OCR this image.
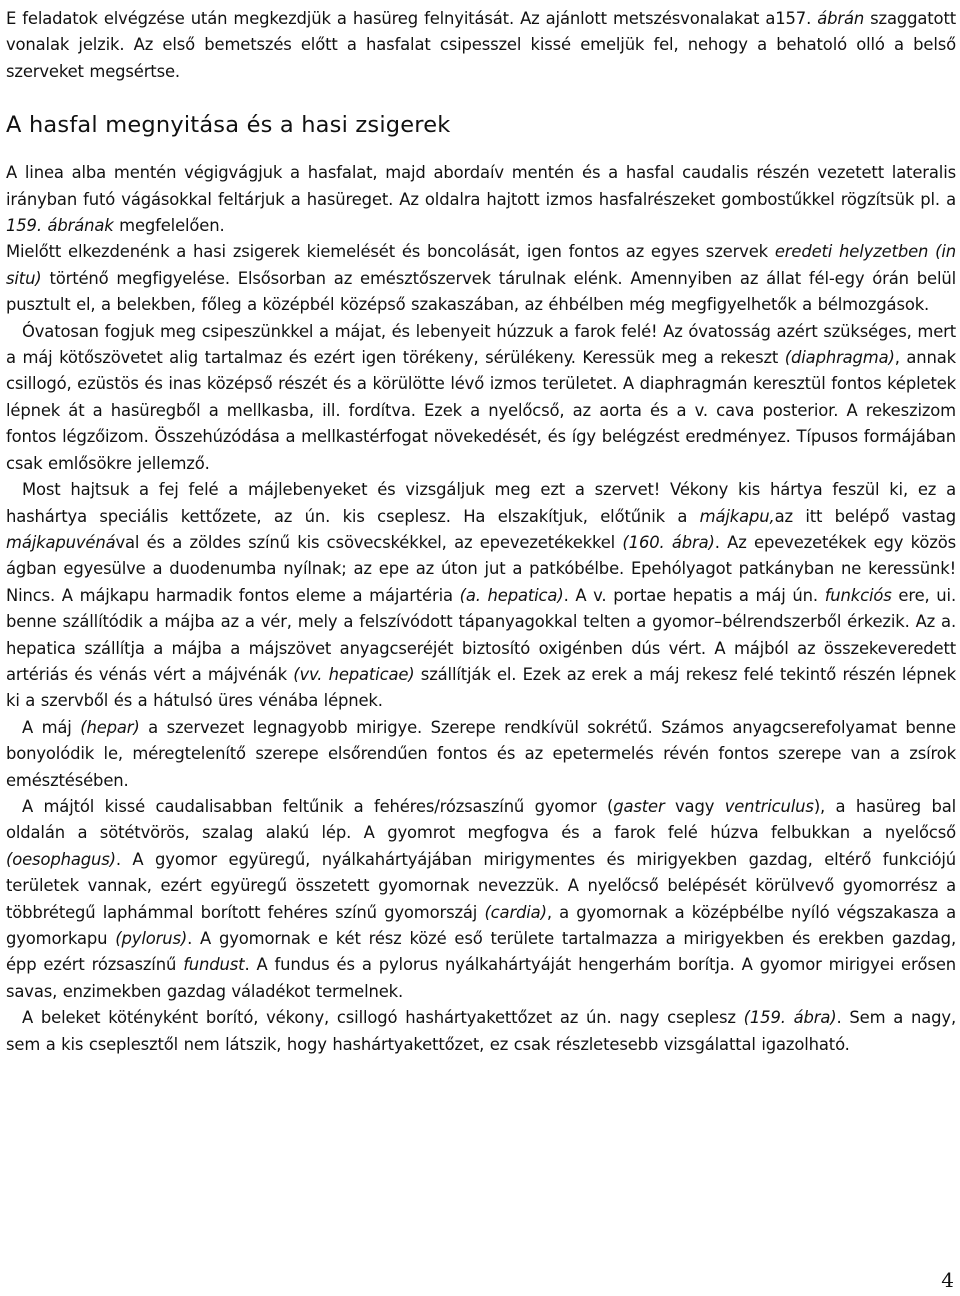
E feladatok elvégzése után megkezdjük a hasüreg felnyitását. Az ajánlott metszésvonalakat a157. ábrán szaggatott vonalak jelzik. Az első bemetszés előtt a hasfalat csipesszel kissé emeljük fel, nehogy a behatoló olló a belső szerveket megsértse.

A hasfal megnyitása és a hasi zsigerek

A linea alba mentén végigvágjuk a hasfalat, majd abordaív mentén és a hasfal caudalis részén vezetett lateralis irányban futó vágásokkal feltárjuk a hasüreget. Az oldalra hajtott izmos hasfalrészeket gombostűkkel rögzítsük pl. a 159. ábrának megfelelően.

Mielőtt elkezdenénk a hasi zsigerek kiemelését és boncolását, igen fontos az egyes szervek eredeti helyzetben (in situ) történő megfigyelése. Elsősorban az emésztőszervek tárulnak elénk. Amennyiben az állat fél-egy órán belül pusztult el, a belekben, főleg a középbél középső szakaszában, az éhbélben még megfigyelhetők a bélmozgások.

Óvatosan fogjuk meg csipeszünkkel a májat, és lebenyeit húzzuk a farok felé! Az óvatosság azért szükséges, mert a máj kötőszövetet alig tartalmaz és ezért igen törékeny, sérülékeny. Keressük meg a rekeszt (diaphragma), annak csillogó, ezüstös és inas középső részét és a körülötte lévő izmos területet. A diaphragmán keresztül fontos képletek lépnek át a hasüregből a mellkasba, ill. fordítva. Ezek a nyelőcső, az aorta és a v. cava posterior. A rekeszizom fontos légzőizom. Összehúzódása a mellkastérfogat növekedését, és így belégzést eredményez. Típusos formájában csak emlősökre jellemző.

Most hajtsuk a fej felé a májlebenyeket és vizsgáljuk meg ezt a szervet! Vékony kis hártya feszül ki, ez a hashártya speciális kettőzete, az ún. kis cseplesz. Ha elszakítjuk, előtűnik a májkapu,az itt belépő vastag májkapuvénával és a zöldes színű kis csövecskékkel, az epevezetékekkel (160. ábra). Az epevezetékek egy közös ágban egyesülve a duodenumba nyílnak; az epe az úton jut a patkóbélbe. Epehólyagot patkányban ne keressünk! Nincs. A májkapu harmadik fontos eleme a májartéria (a. hepatica). A v. portae hepatis a máj ún. funkciós ere, ui. benne szállítódik a májba az a vér, mely a felszívódott tápanyagokkal telten a gyomor–bélrendszerből érkezik. Az a. hepatica szállítja a májba a májszövet anyagcseréjét biztosító oxigénben dús vért. A májból az összekeveredett artériás és vénás vért a májvénák (vv. hepaticae) szállítják el. Ezek az erek a máj rekesz felé tekintő részén lépnek ki a szervből és a hátulsó üres vénába lépnek.

A máj (hepar) a szervezet legnagyobb mirigye. Szerepe rendkívül sokrétű. Számos anyagcserefolyamat benne bonyolódik le, méregtelenítő szerepe elsőrendűen fontos és az epetermelés révén fontos szerepe van a zsírok emésztésében.

A májtól kissé caudalisabban feltűnik a fehéres/rózsaszínű gyomor (gaster vagy ventriculus), a hasüreg bal oldalán a sötétvörös, szalag alakú lép. A gyomrot megfogva és a farok felé húzva felbukkan a nyelőcső (oesophagus). A gyomor együregű, nyálkahártyájában mirigymentes és mirigyekben gazdag, eltérő funkciójú területek vannak, ezért együregű összetett gyomornak nevezzük. A nyelőcső belépését körülvevő gyomorrész a többrétegű laphámmal borított fehéres színű gyomorszáj (cardia), a gyomornak a középbélbe nyíló végszakasza a gyomorkapu (pylorus). A gyomornak e két rész közé eső területe tartalmazza a mirigyekben és erekben gazdag, épp ezért rózsaszínű fundust. A fundus és a pylorus nyálkahártyáját hengerhám borítja. A gyomor mirigyei erősen savas, enzimekben gazdag váladékot termelnek.

A beleket kötényként borító, vékony, csillogó hashártyakettőzet az ún. nagy cseplesz (159. ábra). Sem a nagy, sem a kis cseplesztől nem látszik, hogy hashártyakettőzet, ez csak részletesebb vizsgálattal igazolható.

4
